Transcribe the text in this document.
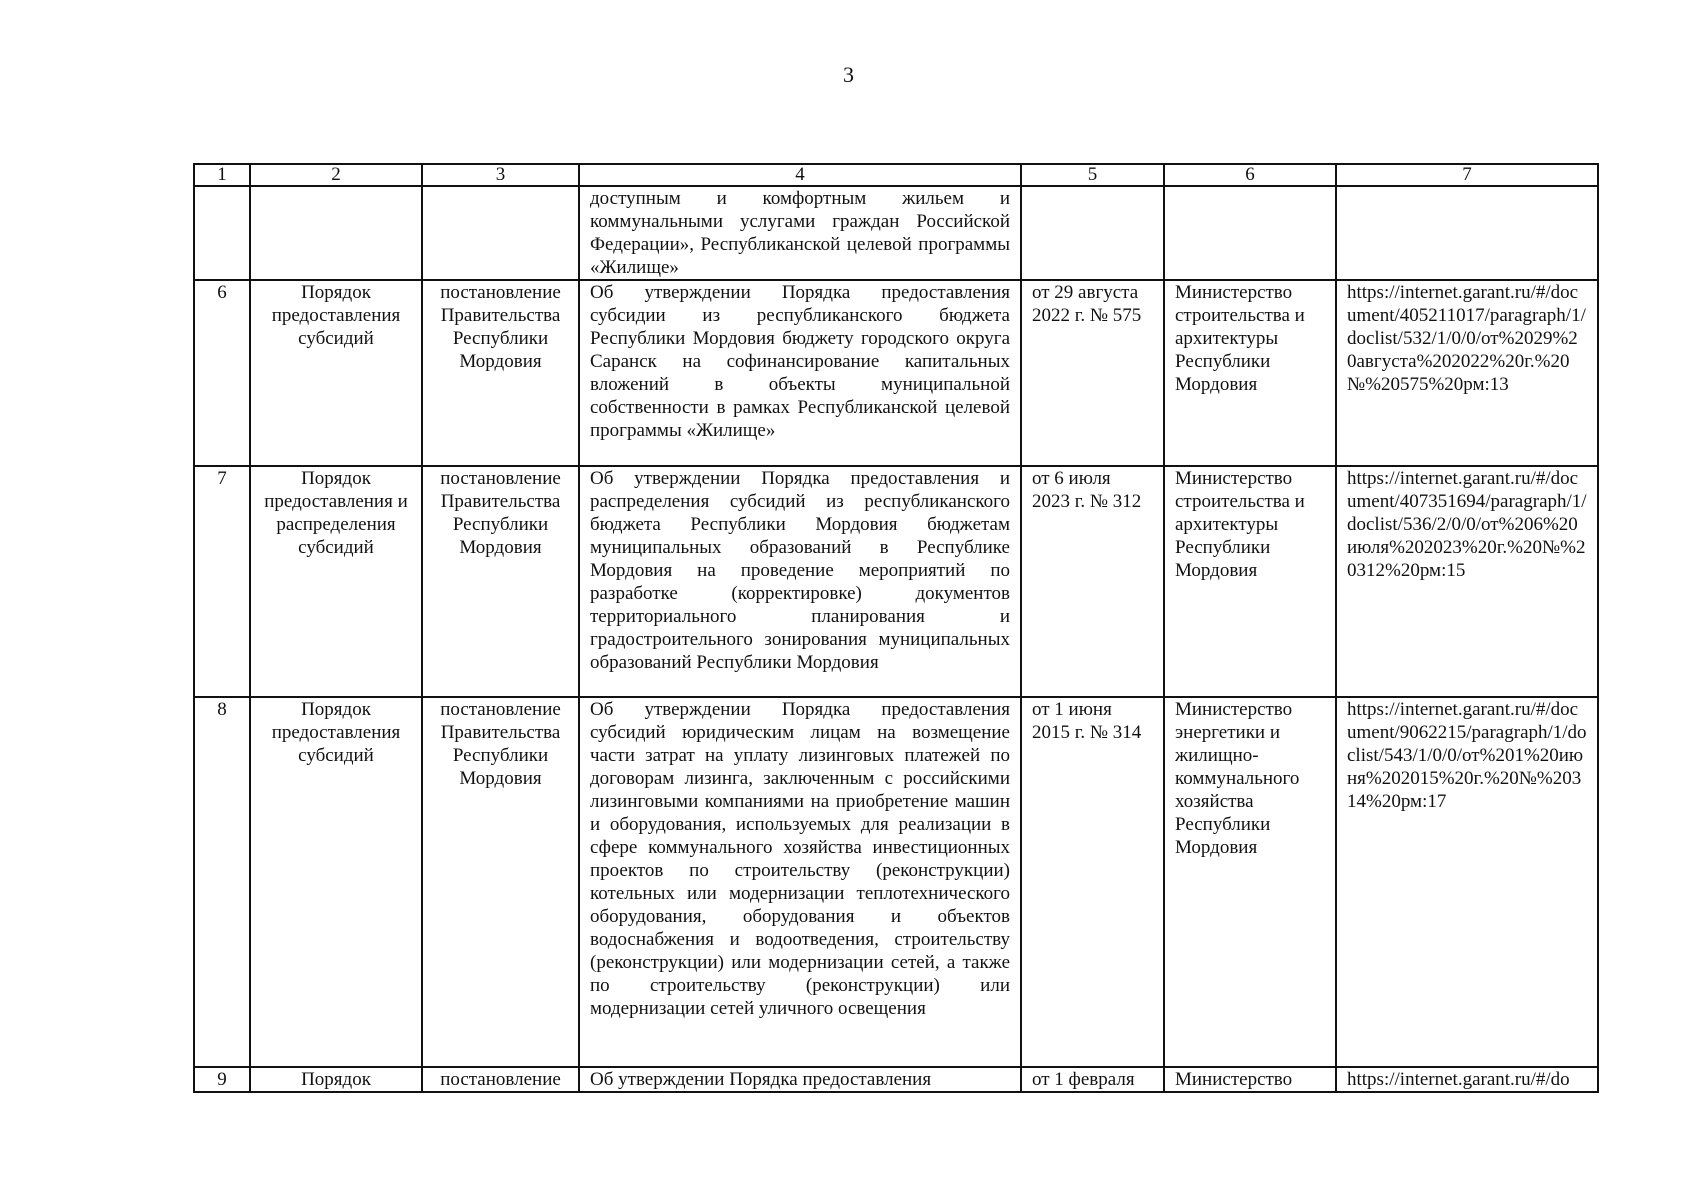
3
1	2	3	4	5	6	7
			доступным и комфортным жильем и коммунальными услугами граждан Российской Федерации», Республиканской целевой программы «Жилище»			
6	Порядок предоставления субсидий	постановление Правительства Республики Мордовия	Об утверждении Порядка предоставления субсидии из республиканского бюджета Республики Мордовия бюджету городского округа Саранск на софинансирование капитальных вложений в объекты муниципальной собственности в рамках Республиканской целевой программы «Жилище»	от 29 августа 2022 г. № 575	Министерство строительства и архитектуры Республики Мордовия	https://internet.garant.ru/#/document/405211017/paragraph/1/doclist/532/1/0/0/от%2029%20августа%202022%20г.%20№%20575%20рм:13
7	Порядок предоставления и распределения субсидий	постановление Правительства Республики Мордовия	Об утверждении Порядка предоставления и распределения субсидий из республиканского бюджета Республики Мордовия бюджетам муниципальных образований в Республике Мордовия на проведение мероприятий по разработке (корректировке) документов территориального планирования и градостроительного зонирования муниципальных образований Республики Мордовия	от 6 июля 2023 г. № 312	Министерство строительства и архитектуры Республики Мордовия	https://internet.garant.ru/#/document/407351694/paragraph/1/doclist/536/2/0/0/от%206%20июля%202023%20г.%20№%20312%20рм:15
8	Порядок предоставления субсидий	постановление Правительства Республики Мордовия	Об утверждении Порядка предоставления субсидий юридическим лицам на возмещение части затрат на уплату лизинговых платежей по договорам лизинга, заключенным с российскими лизинговыми компаниями на приобретение машин и оборудования, используемых для реализации в сфере коммунального хозяйства инвестиционных проектов по строительству (реконструкции) котельных или модернизации теплотехнического оборудования, оборудования и объектов водоснабжения и водоотведения, строительству (реконструкции) или модернизации сетей, а также по строительству (реконструкции) или модернизации сетей уличного освещения	от 1 июня 2015 г. № 314	Министерство энергетики и жилищно-коммунального хозяйства Республики Мордовия	https://internet.garant.ru/#/document/9062215/paragraph/1/doclist/543/1/0/0/от%201%20июня%202015%20г.%20№%20314%20рм:17
9	Порядок	постановление	Об утверждении Порядка предоставления	от 1 февраля	Министерство	https://internet.garant.ru/#/do
